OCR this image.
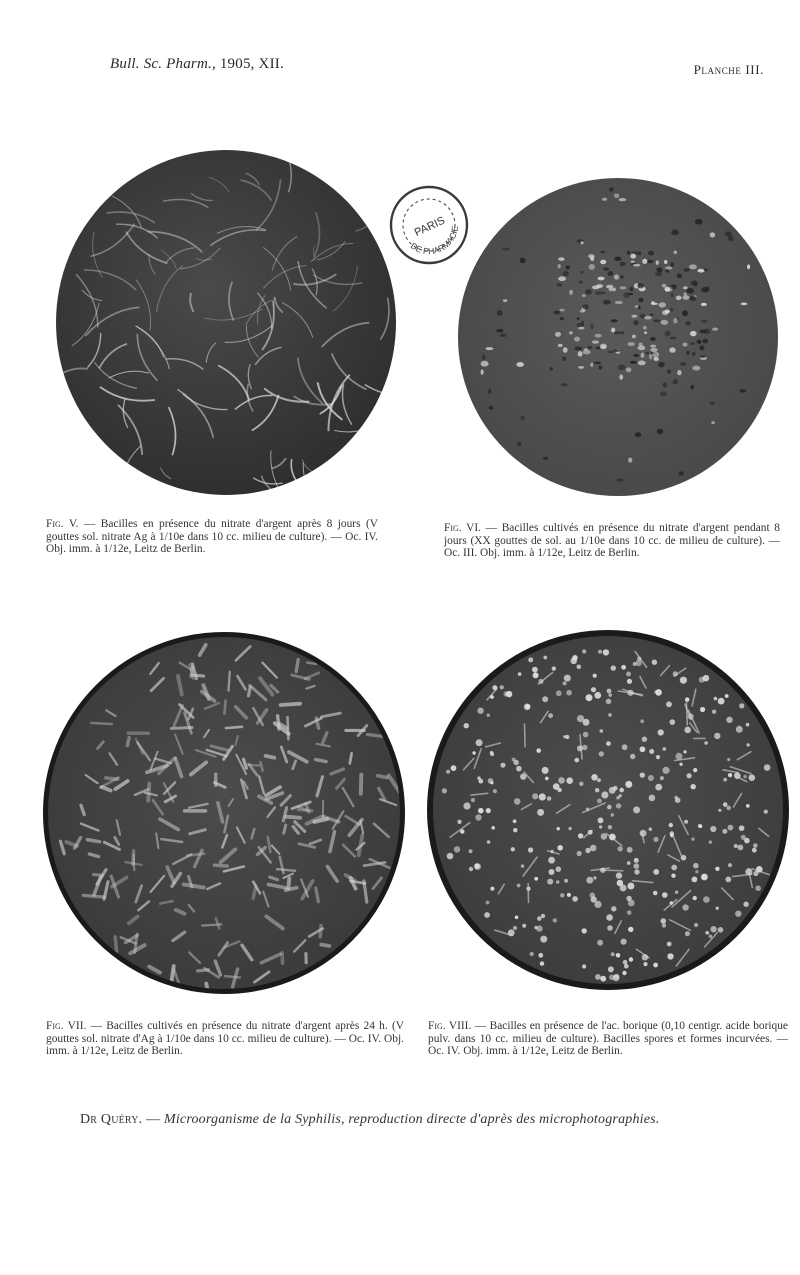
Bull. Sc. Pharm., 1905, XII.	Planche III.
PARIS
DE PHARMACIE
Fig. V. — Bacilles en présence du nitrate d'argent après 8 jours (V gouttes sol. nitrate Ag à 1/10e dans 10 cc. milieu de culture). — Oc. IV. Obj. imm. à 1/12e, Leitz de Berlin.
Fig. VI. — Bacilles cultivés en présence du nitrate d'argent pendant 8 jours (XX gouttes de sol. au 1/10e dans 10 cc. de milieu de culture). — Oc. III. Obj. imm. à 1/12e, Leitz de Berlin.
Fig. VII. — Bacilles cultivés en présence du nitrate d'argent après 24 h. (V gouttes sol. nitrate d'Ag à 1/10e dans 10 cc. milieu de culture). — Oc. IV. Obj. imm. à 1/12e, Leitz de Berlin.
Fig. VIII. — Bacilles en présence de l'ac. borique (0,10 centigr. acide borique pulv. dans 10 cc. milieu de culture). Bacilles spores et formes incurvées. — Oc. IV. Obj. imm. à 1/12e, Leitz de Berlin.
Dr Quéry. — Microorganisme de la Syphilis, reproduction directe d'après des microphotographies.
